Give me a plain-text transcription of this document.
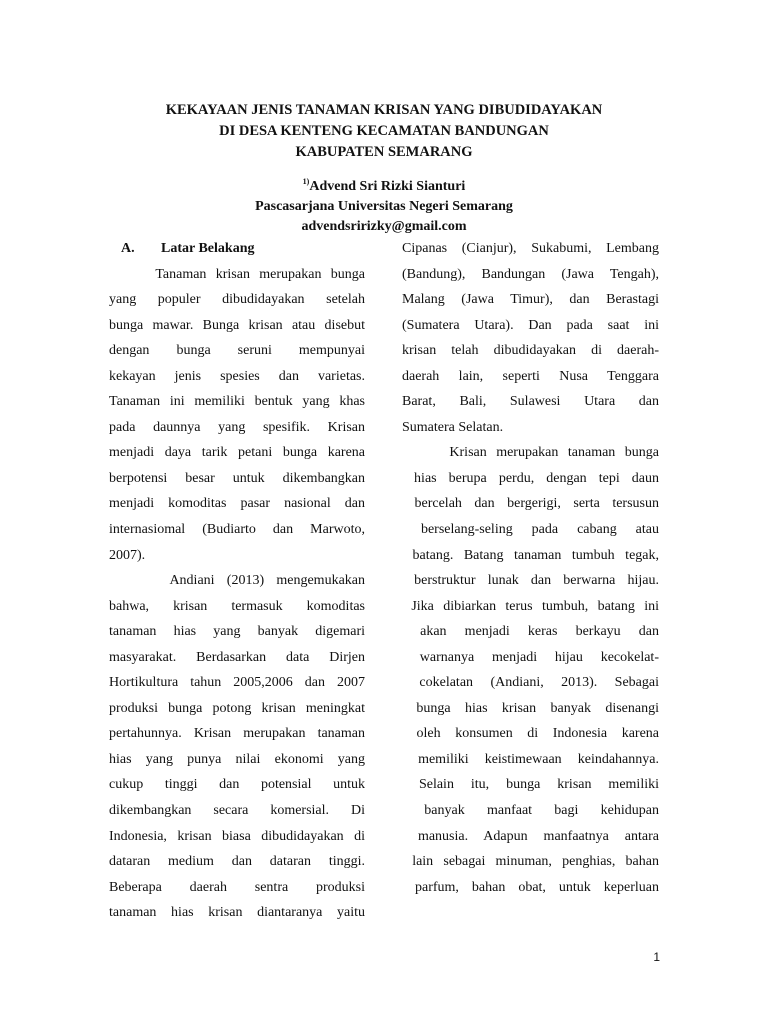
KEKAYAAN JENIS TANAMAN KRISAN YANG DIBUDIDAYAKAN
DI DESA KENTENG KECAMATAN BANDUNGAN
KABUPATEN SEMARANG
$^{1)}$Advend Sri Rizki Sianturi
Pascasarjana Universitas Negeri Semarang
advendsririzky@gmail.com
A. Latar Belakang
Tanaman krisan merupakan bunga
yang populer dibudidayakan setelah
bunga mawar. Bunga krisan atau disebut
dengan bunga seruni mempunyai
kekayan jenis spesies dan varietas.
Tanaman ini memiliki bentuk yang khas
pada daunnya yang spesifik. Krisan
menjadi daya tarik petani bunga karena
berpotensi besar untuk dikembangkan
menjadi komoditas pasar nasional dan
internasiomal (Budiarto dan Marwoto,
2007).
Andiani (2013) mengemukakan
bahwa, krisan termasuk komoditas
tanaman hias yang banyak digemari
masyarakat. Berdasarkan data Dirjen
Hortikultura tahun 2005,2006 dan 2007
produksi bunga potong krisan meningkat
pertahunnya. Krisan merupakan tanaman
hias yang punya nilai ekonomi yang
cukup tinggi dan potensial untuk
dikembangkan secara komersial. Di
Indonesia, krisan biasa dibudidayakan di
dataran medium dan dataran tinggi.
Beberapa daerah sentra produksi
tanaman hias krisan diantaranya yaitu
Cipanas (Cianjur), Sukabumi, Lembang
(Bandung), Bandungan (Jawa Tengah),
Malang (Jawa Timur), dan Berastagi
(Sumatera Utara). Dan pada saat ini
krisan telah dibudidayakan di daerah-
daerah lain, seperti Nusa Tenggara
Barat, Bali, Sulawesi Utara dan
Sumatera Selatan.
Krisan merupakan tanaman bunga
hias berupa perdu, dengan tepi daun
bercelah dan bergerigi, serta tersusun
berselang-seling pada cabang atau
batang. Batang tanaman tumbuh tegak,
berstruktur lunak dan berwarna hijau.
Jika dibiarkan terus tumbuh, batang ini
akan menjadi keras berkayu dan
warnanya menjadi hijau kecokelat-
cokelatan (Andiani, 2013). Sebagai
bunga hias krisan banyak disenangi
oleh konsumen di Indonesia karena
memiliki keistimewaan keindahannya.
Selain itu, bunga krisan memiliki
banyak manfaat bagi kehidupan
manusia. Adapun manfaatnya antara
lain sebagai minuman, penghias, bahan
parfum, bahan obat, untuk keperluan
1
